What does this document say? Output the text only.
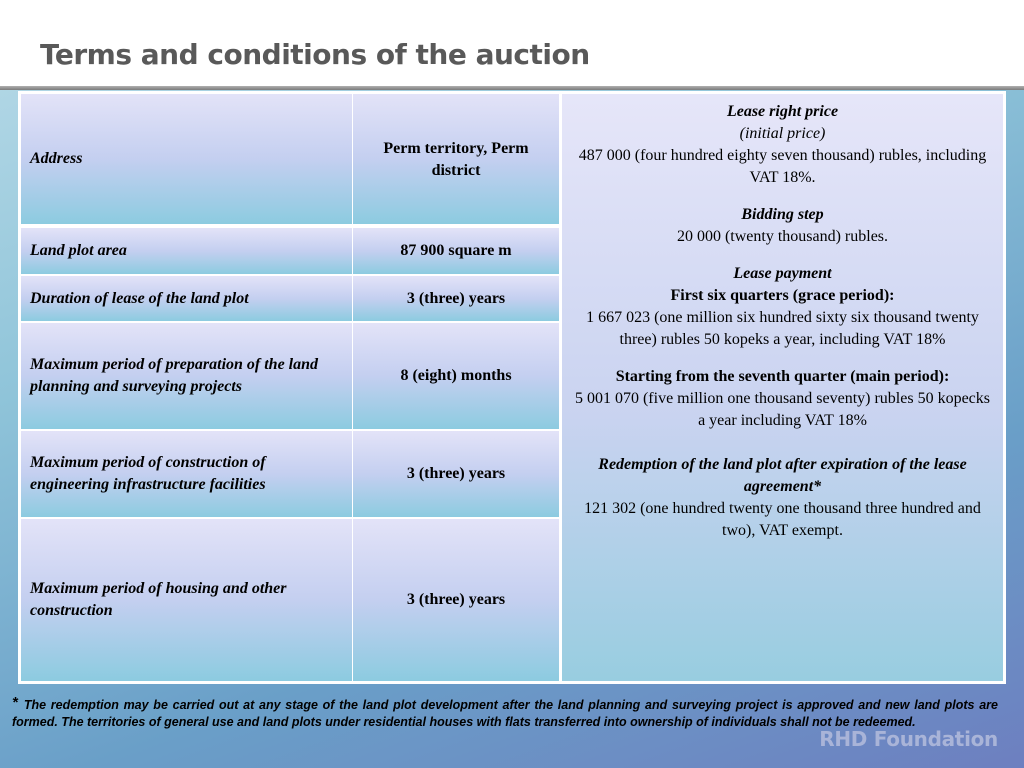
Terms and conditions of the auction
Address
Perm territory, Perm district
Land plot area	87 900 square m
Duration of lease of the land plot	3 (three) years
Maximum period of preparation of the land planning and surveying projects
8 (eight) months
Maximum period of construction of engineering infrastructure facilities
3 (three) years
Maximum period of housing and other construction
3 (three) years

Lease right price

(initial price)

487 000 (four hundred eighty seven thousand) rubles, including VAT 18%.

Bidding step

20 000 (twenty thousand) rubles.

Lease payment

First six quarters (grace period):

1 667 023 (one million six hundred sixty six thousand twenty three) rubles 50 kopeks a year, including VAT 18%

Starting from the seventh quarter (main period):

5 001 070 (five million one thousand seventy) rubles 50 kopecks a year including VAT 18%

Redemption of the land plot after expiration of the lease agreement*

121 302 (one hundred twenty one thousand three hundred and two), VAT exempt.

* The redemption may be carried out at any stage of the land plot development after the land planning and surveying project is approved and new land plots are formed. The territories of general use and land plots under residential houses with flats transferred into ownership of individuals shall not be redeemed.

RHD Foundation
